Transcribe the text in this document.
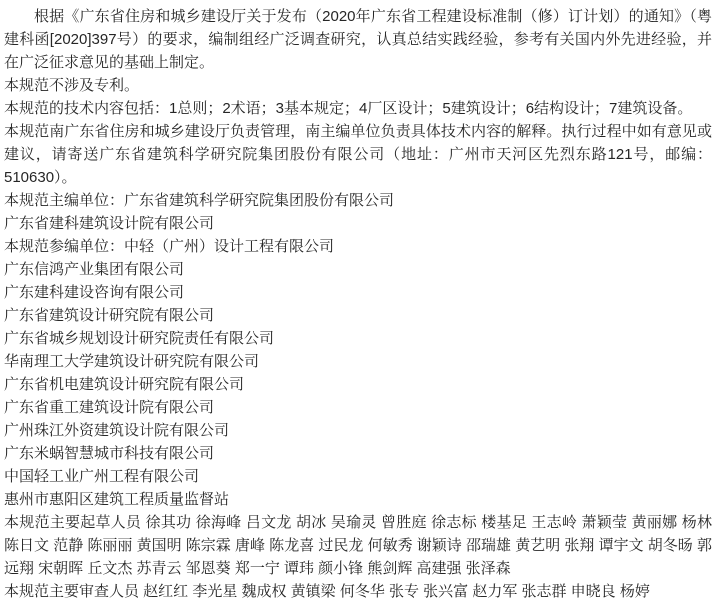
根据《广东省住房和城乡建设厅关于发布（2020年广东省工程建设标准制（修）订计划）的通知》（粤建科函[2020]397号）的要求，编制组经广泛调查研究，认真总结实践经验，参考有关国内外先进经验，并在广泛征求意见的基础上制定。

本规范不涉及专利。

本规范的技术内容包括：1总则；2术语；3基本规定；4厂区设计；5建筑设计；6结构设计；7建筑设备。

本规范南广东省住房和城乡建设厅负责管理，南主编单位负责具体技术内容的解释。执行过程中如有意见或建议，请寄送广东省建筑科学研究院集团股份有限公司（地址：广州市天河区先烈东路121号，邮编：510630）。

本规范主编单位：广东省建筑科学研究院集团股份有限公司

广东省建科建筑设计院有限公司

本规范参编单位：中轻（广州）设计工程有限公司

广东信鸿产业集团有限公司

广东建科建设咨询有限公司

广东省建筑设计研究院有限公司

广东省城乡规划设计研究院责任有限公司

华南理工大学建筑设计研究院有限公司

广东省机电建筑设计研究院有限公司

广东省重工建筑设计院有限公司

广州珠江外资建筑设计院有限公司

广东米蜗智慧城市科技有限公司

中国轻工业广州工程有限公司

惠州市惠阳区建筑工程质量监督站

本规范主要起草人员 徐其功 徐海峰 吕文龙 胡冰 吴瑜灵 曾胜庭 徐志标 楼基足 王志岭 萧颖莹 黄丽娜 杨林 陈日文 范静 陈丽丽 黄国明 陈宗霖 唐峰 陈龙喜 过民龙 何敏秀 谢颖诗 邵瑞雄 黄艺明 张翔 谭宇文 胡冬旸 郭远翔 宋朝晖 丘文杰 苏青云 邹恩葵 郑一宁 谭玮 颜小锋 熊剑辉 高建强 张泽森

本规范主要审查人员 赵红红 李光星 魏成权 黄镇梁 何冬华 张专 张兴富 赵力军 张志群 申晓良 杨婷
